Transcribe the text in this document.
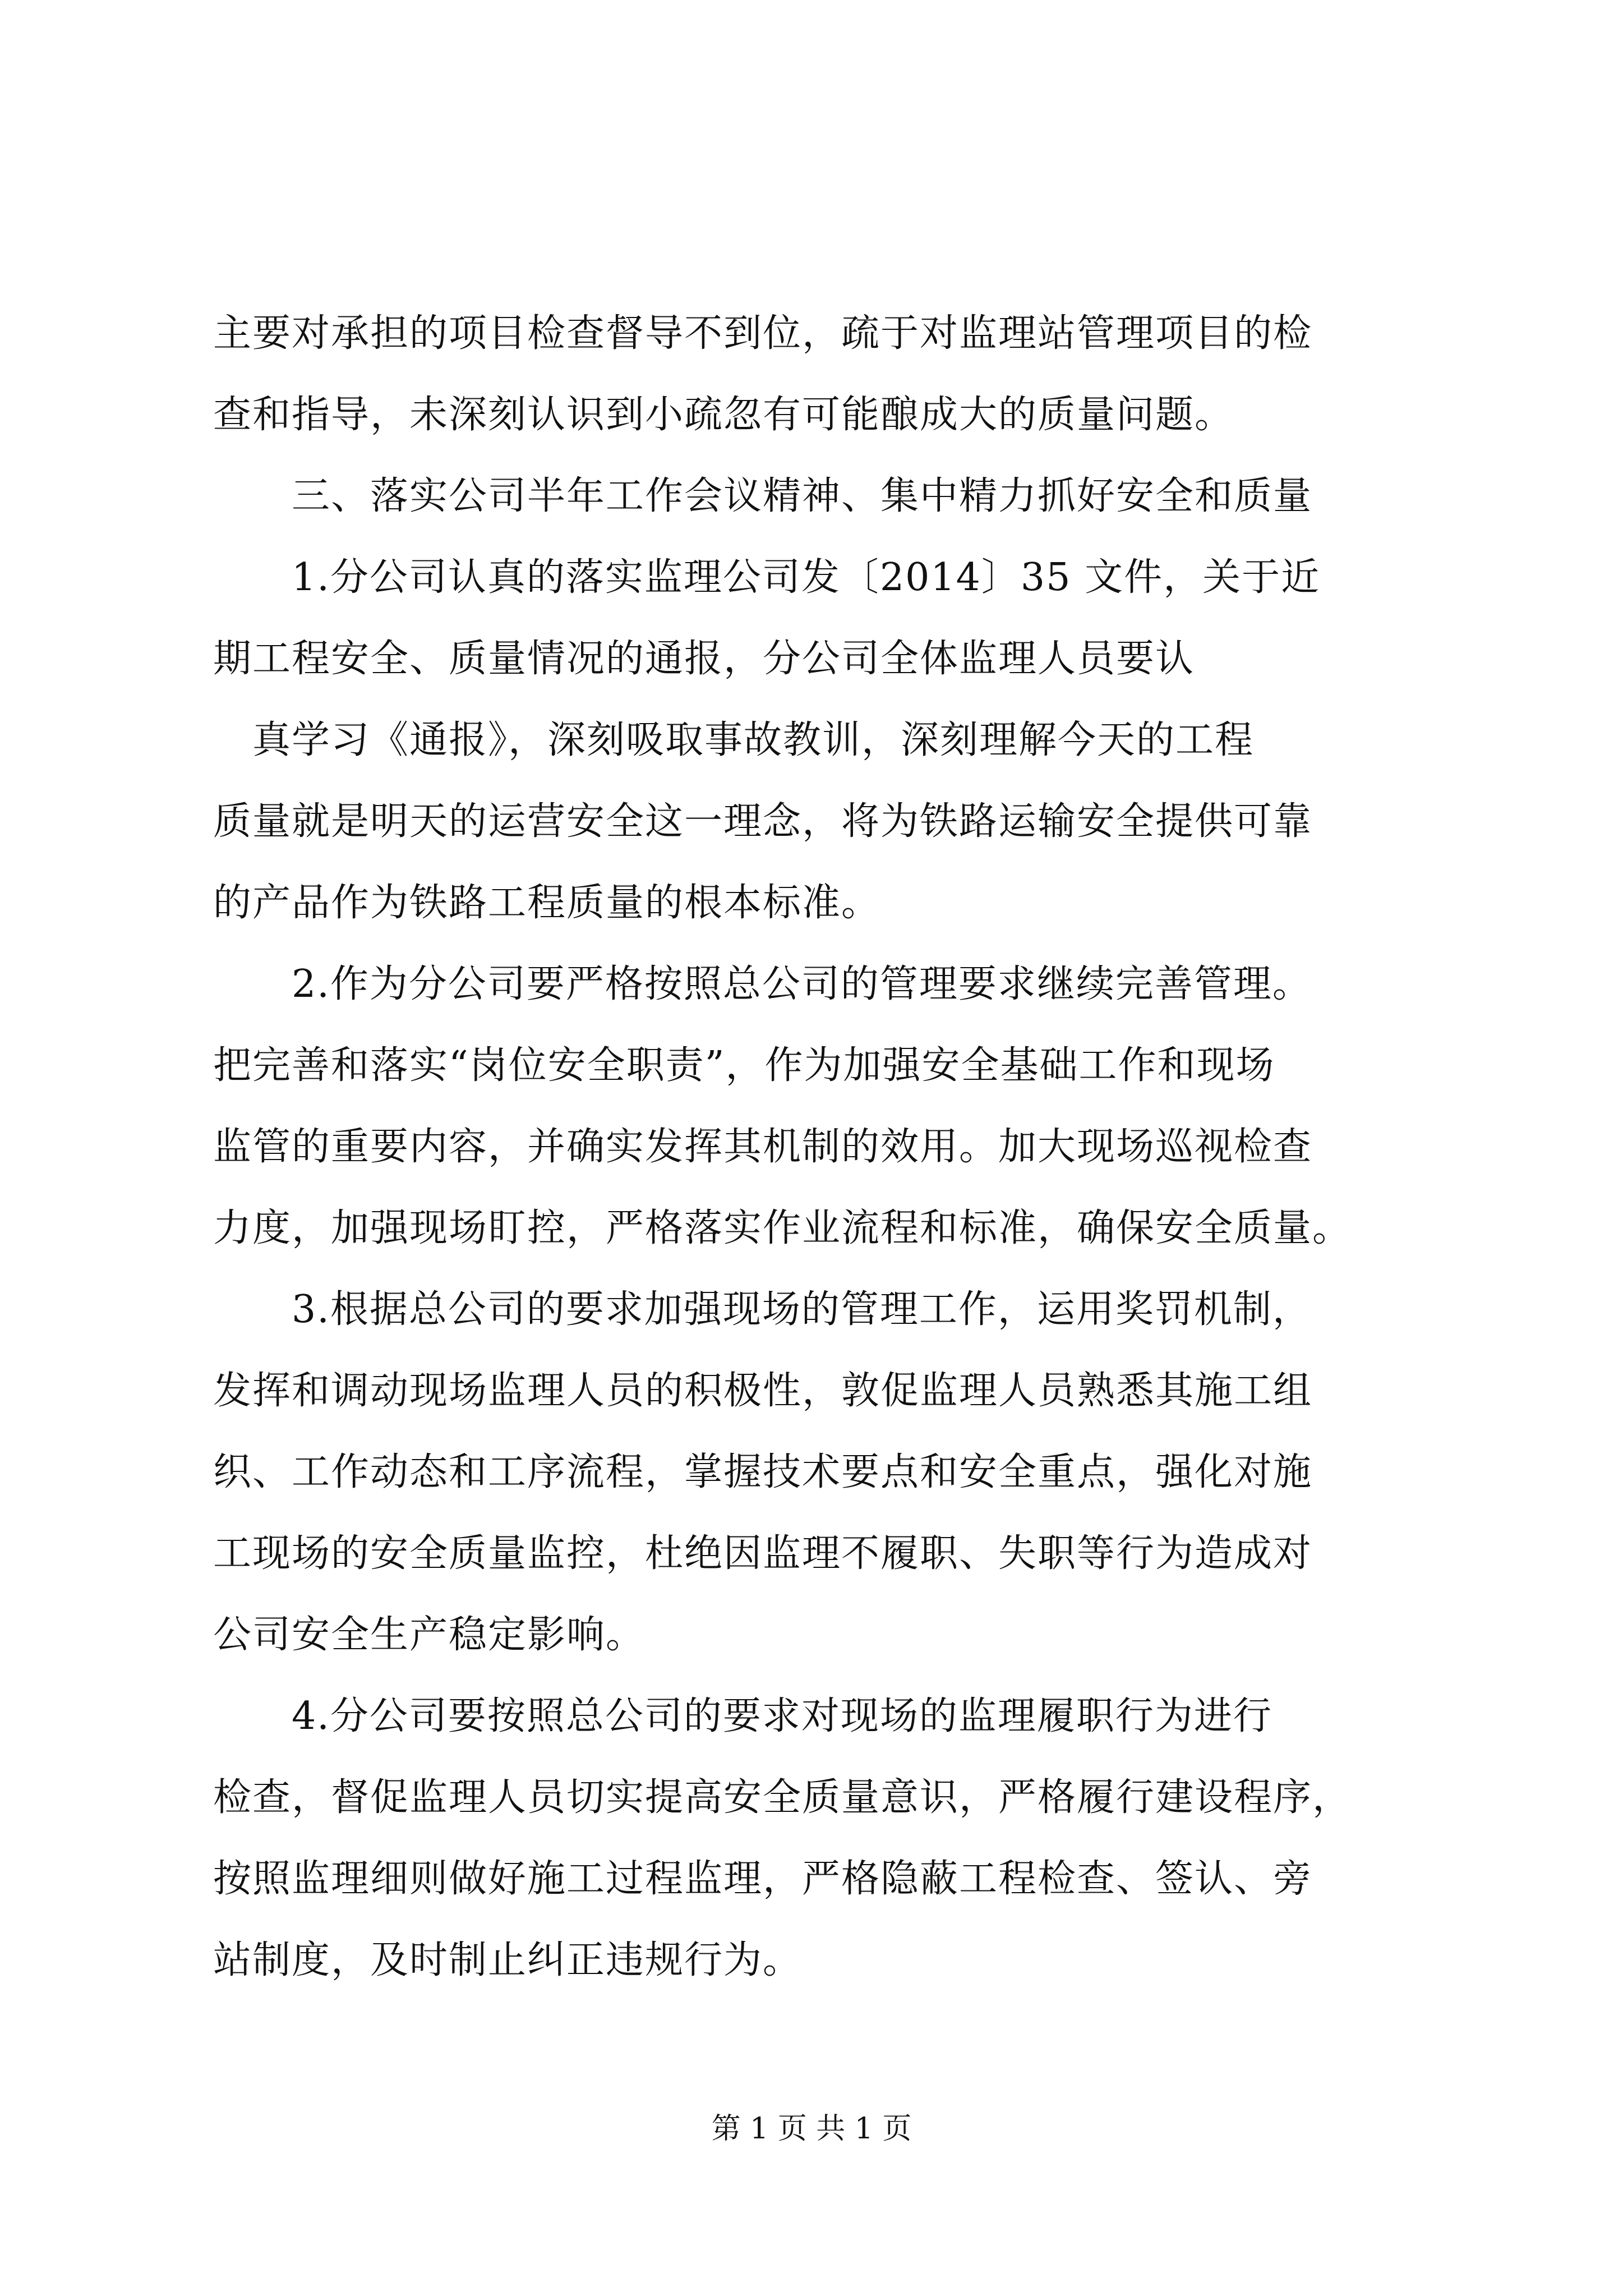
主要对承担的项目检查督导不到位，疏于对监理站管理项目的检
查和指导，未深刻认识到小疏忽有可能酿成大的质量问题。
　　三、落实公司半年工作会议精神、集中精力抓好安全和质量
　　1.分公司认真的落实监理公司发〔2014〕35 文件，关于近
期工程安全、质量情况的通报，分公司全体监理人员要认
　真学习《通报》，深刻吸取事故教训，深刻理解今天的工程
质量就是明天的运营安全这一理念，将为铁路运输安全提供可靠
的产品作为铁路工程质量的根本标准。
　　2.作为分公司要严格按照总公司的管理要求继续完善管理。
把完善和落实“岗位安全职责”，作为加强安全基础工作和现场
监管的重要内容，并确实发挥其机制的效用。加大现场巡视检查
力度，加强现场盯控，严格落实作业流程和标准，确保安全质量。
　　3.根据总公司的要求加强现场的管理工作，运用奖罚机制，
发挥和调动现场监理人员的积极性，敦促监理人员熟悉其施工组
织、工作动态和工序流程，掌握技术要点和安全重点，强化对施
工现场的安全质量监控，杜绝因监理不履职、失职等行为造成对
公司安全生产稳定影响。
　　4.分公司要按照总公司的要求对现场的监理履职行为进行
检查，督促监理人员切实提高安全质量意识，严格履行建设程序，
按照监理细则做好施工过程监理，严格隐蔽工程检查、签认、旁
站制度，及时制止纠正违规行为。
第 1 页 共 1 页
